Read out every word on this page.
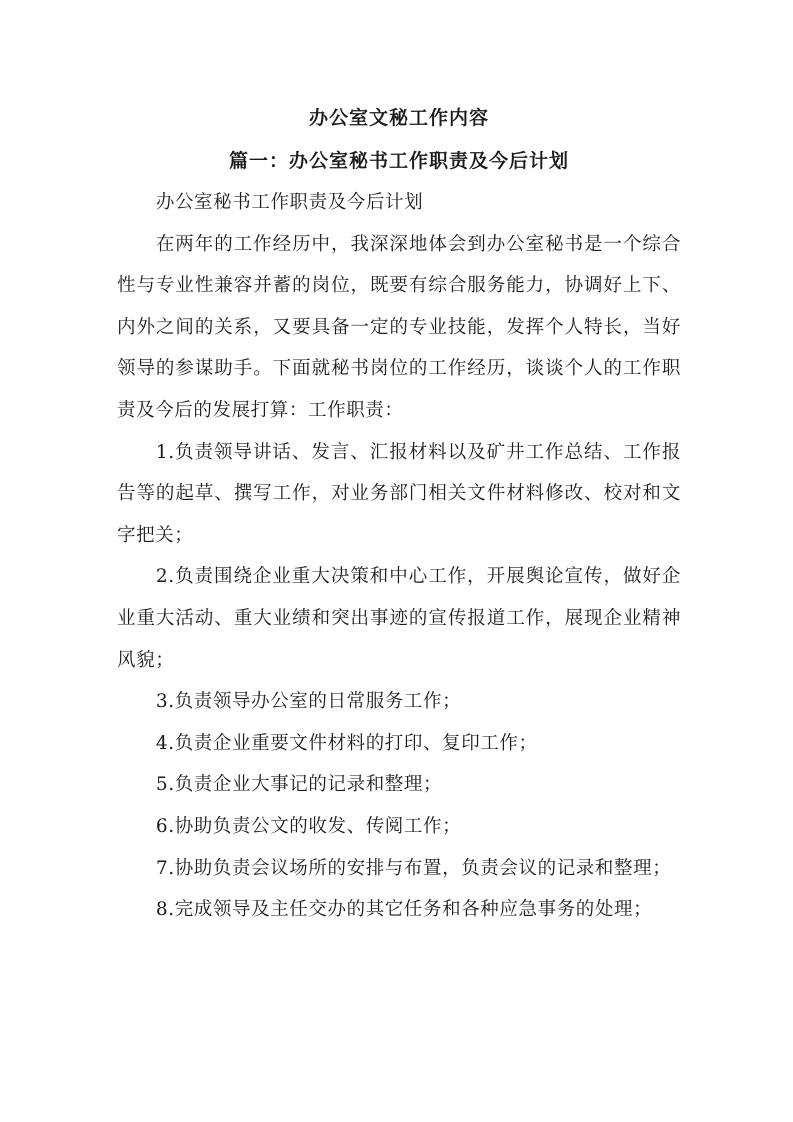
办公室文秘工作内容
篇一：办公室秘书工作职责及今后计划

办公室秘书工作职责及今后计划

在两年的工作经历中，我深深地体会到办公室秘书是一个综合性与专业性兼容并蓄的岗位，既要有综合服务能力，协调好上下、内外之间的关系，又要具备一定的专业技能，发挥个人特长，当好领导的参谋助手。下面就秘书岗位的工作经历，谈谈个人的工作职责及今后的发展打算：工作职责：

1.负责领导讲话、发言、汇报材料以及矿井工作总结、工作报告等的起草、撰写工作，对业务部门相关文件材料修改、校对和文字把关；

2.负责围绕企业重大决策和中心工作，开展舆论宣传，做好企业重大活动、重大业绩和突出事迹的宣传报道工作，展现企业精神风貌；

3.负责领导办公室的日常服务工作；

4.负责企业重要文件材料的打印、复印工作；

5.负责企业大事记的记录和整理；

6.协助负责公文的收发、传阅工作；

7.协助负责会议场所的安排与布置，负责会议的记录和整理；

8.完成领导及主任交办的其它任务和各种应急事务的处理；
